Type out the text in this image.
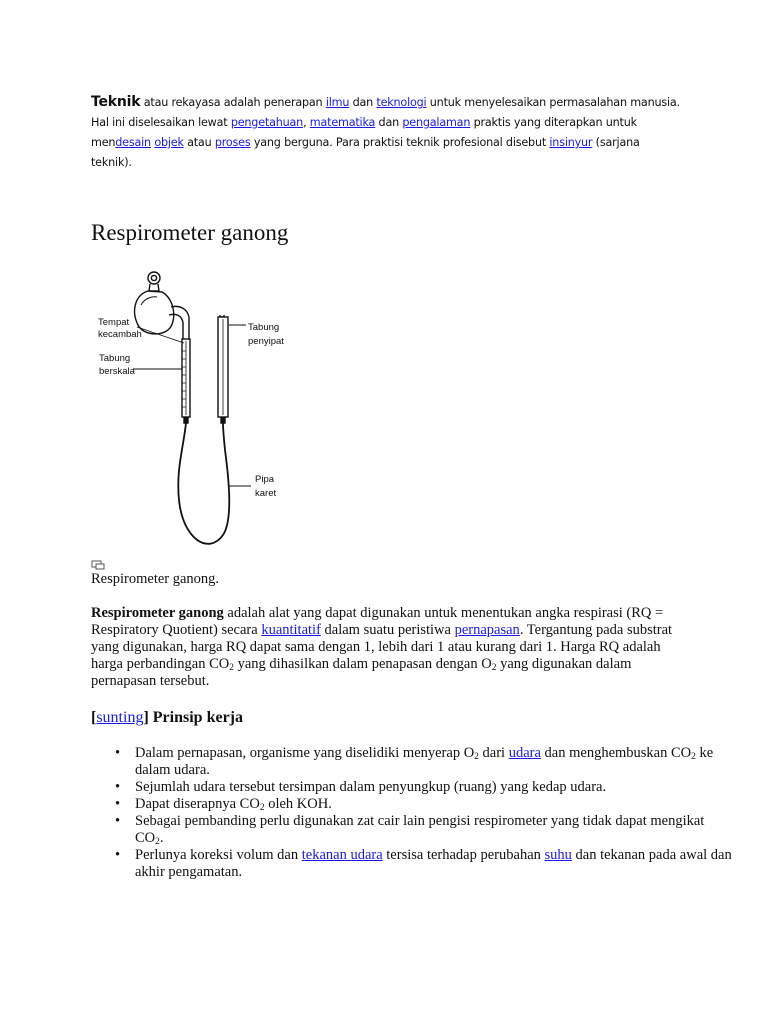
Teknik atau rekayasa adalah penerapan ilmu dan teknologi untuk menyelesaikan permasalahan manusia. Hal ini diselesaikan lewat pengetahuan, matematika dan pengalaman praktis yang diterapkan untuk mendesain objek atau proses yang berguna. Para praktisi teknik profesional disebut insinyur (sarjana teknik).
Respirometer ganong
Tempat
kecambah
Tabung
berskala
Tabung
penyipat
Pipa
karet
Respirometer ganong.
Respirometer ganong adalah alat yang dapat digunakan untuk menentukan angka respirasi (RQ = Respiratory Quotient) secara kuantitatif dalam suatu peristiwa pernapasan. Tergantung pada substrat yang digunakan, harga RQ dapat sama dengan 1, lebih dari 1 atau kurang dari 1. Harga RQ adalah harga perbandingan $CO_2$ yang dihasilkan dalam penapasan dengan $O_2$ yang digunakan dalam pernapasan tersebut.
[sunting] Prinsip kerja
• Dalam pernapasan, organisme yang diselidiki menyerap $O_2$ dari udara dan menghembuskan $CO_2$ ke dalam udara.
• Sejumlah udara tersebut tersimpan dalam penyungkup (ruang) yang kedap udara.
• Dapat diserapnya $CO_2$ oleh KOH.
• Sebagai pembanding perlu digunakan zat cair lain pengisi respirometer yang tidak dapat mengikat $CO_2$.
• Perlunya koreksi volum dan tekanan udara tersisa terhadap perubahan suhu dan tekanan pada awal dan akhir pengamatan.
